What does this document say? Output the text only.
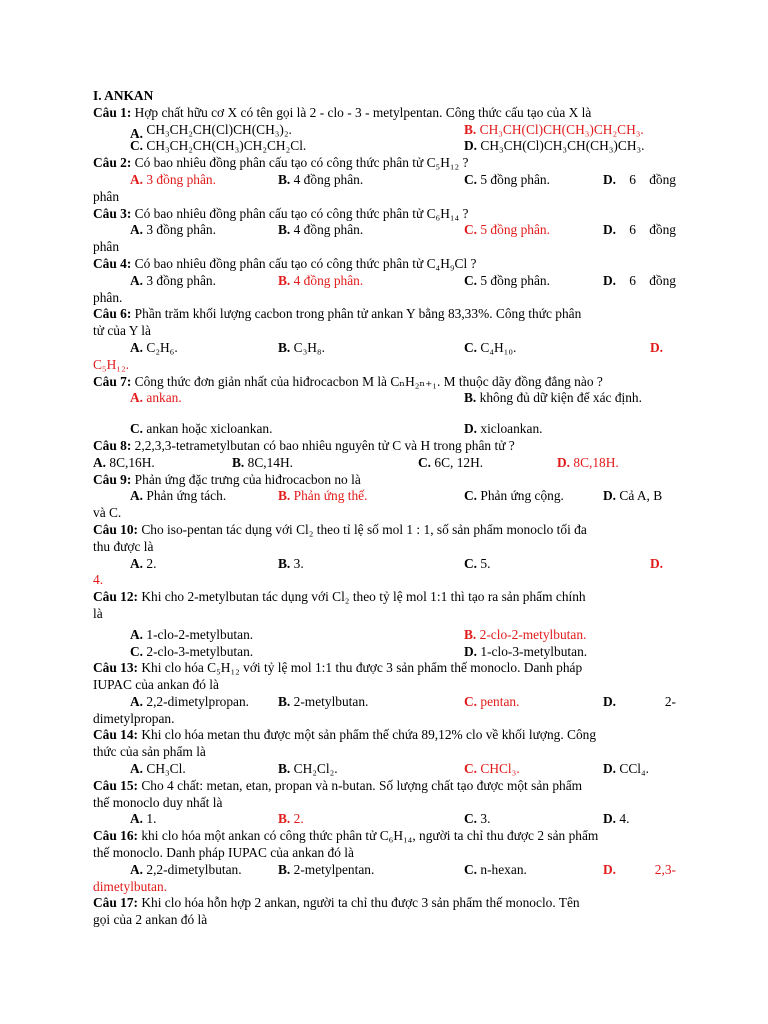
I. ANKAN
Câu 1: Hợp chất hữu cơ X có tên gọi là 2 - clo - 3 - metylpentan. Công thức cấu tạo của X là
A. CH₃CH₂CH(Cl)CH(CH₃)₂.	B. CH₃CH(Cl)CH(CH₃)CH₂CH₃.
C. CH₃CH₂CH(CH₃)CH₂CH₂Cl.	D. CH₃CH(Cl)CH₃CH(CH₃)CH₃.
Câu 2: Có bao nhiêu đồng phân cấu tạo có công thức phân tử C₅H₁₂ ?
A. 3 đồng phân.	B. 4 đồng phân.	C. 5 đồng phân.	D. 6 đồng
phân
Câu 3: Có bao nhiêu đồng phân cấu tạo có công thức phân tử C₆H₁₄ ?
A. 3 đồng phân.	B. 4 đồng phân.	C. 5 đồng phân.	D. 6 đồng
phân
Câu 4: Có bao nhiêu đồng phân cấu tạo có công thức phân tử C₄H₉Cl ?
A. 3 đồng phân.	B. 4 đồng phân.	C. 5 đồng phân.	D. 6 đồng
phân.
Câu 6: Phần trăm khối lượng cacbon trong phân tử ankan Y bằng 83,33%. Công thức phân
tử của Y là
A. C₂H₆.	B. C₃H₈.	C. C₄H₁₀.	D.
C₅H₁₂.
Câu 7: Công thức đơn giản nhất của hiđrocacbon M là CₙH₂ₙ₊₁. M thuộc dãy đồng đẳng nào ?
A. ankan.	B. không đủ dữ kiện để xác định.
C. ankan hoặc xicloankan.	D. xicloankan.
Câu 8: 2,2,3,3-tetrametylbutan có bao nhiêu nguyên tử C và H trong phân tử ?
A. 8C,16H.	B. 8C,14H.	C. 6C, 12H.	D. 8C,18H.
Câu 9: Phản ứng đặc trưng của hiđrocacbon no là
A. Phản ứng tách.	B. Phản ứng thế.	C. Phản ứng cộng.	D. Cả A, B
và C.
Câu 10: Cho iso-pentan tác dụng với Cl₂ theo tỉ lệ số mol 1 : 1, số sản phẩm monoclo tối đa
thu được là
A. 2.	B. 3.	C. 5.	D.
4.
Câu 12: Khi cho 2-metylbutan tác dụng với Cl₂ theo tỷ lệ mol 1:1 thì tạo ra sản phẩm chính
là
A. 1-clo-2-metylbutan.	B. 2-clo-2-metylbutan.
C. 2-clo-3-metylbutan.	D. 1-clo-3-metylbutan.
Câu 13: Khi clo hóa C₅H₁₂ với tỷ lệ mol 1:1 thu được 3 sản phẩm thế monoclo. Danh pháp
IUPAC của ankan đó là
A. 2,2-dimetylpropan. B. 2-metylbutan.	C. pentan.	D.	2-
dimetylpropan.
Câu 14: Khi clo hóa metan thu được một sản phẩm thế chứa 89,12% clo về khối lượng. Công
thức của sản phẩm là
A. CH₃Cl.	B. CH₂Cl₂.	C. CHCl₃.	D. CCl₄.
Câu 15: Cho 4 chất: metan, etan, propan và n-butan. Số lượng chất tạo được một sản phẩm
thế monoclo duy nhất là
A. 1.	B. 2.	C. 3.	D. 4.
Câu 16: khi clo hóa một ankan có công thức phân tử C₆H₁₄, người ta chỉ thu được 2 sản phẩm
thế monoclo. Danh pháp IUPAC của ankan đó là
A. 2,2-dimetylbutan.	B. 2-metylpentan.	C. n-hexan.	D.	2,3-
dimetylbutan.
Câu 17: Khi clo hóa hỗn hợp 2 ankan, người ta chỉ thu được 3 sản phẩm thế monoclo. Tên
gọi của 2 ankan đó là
